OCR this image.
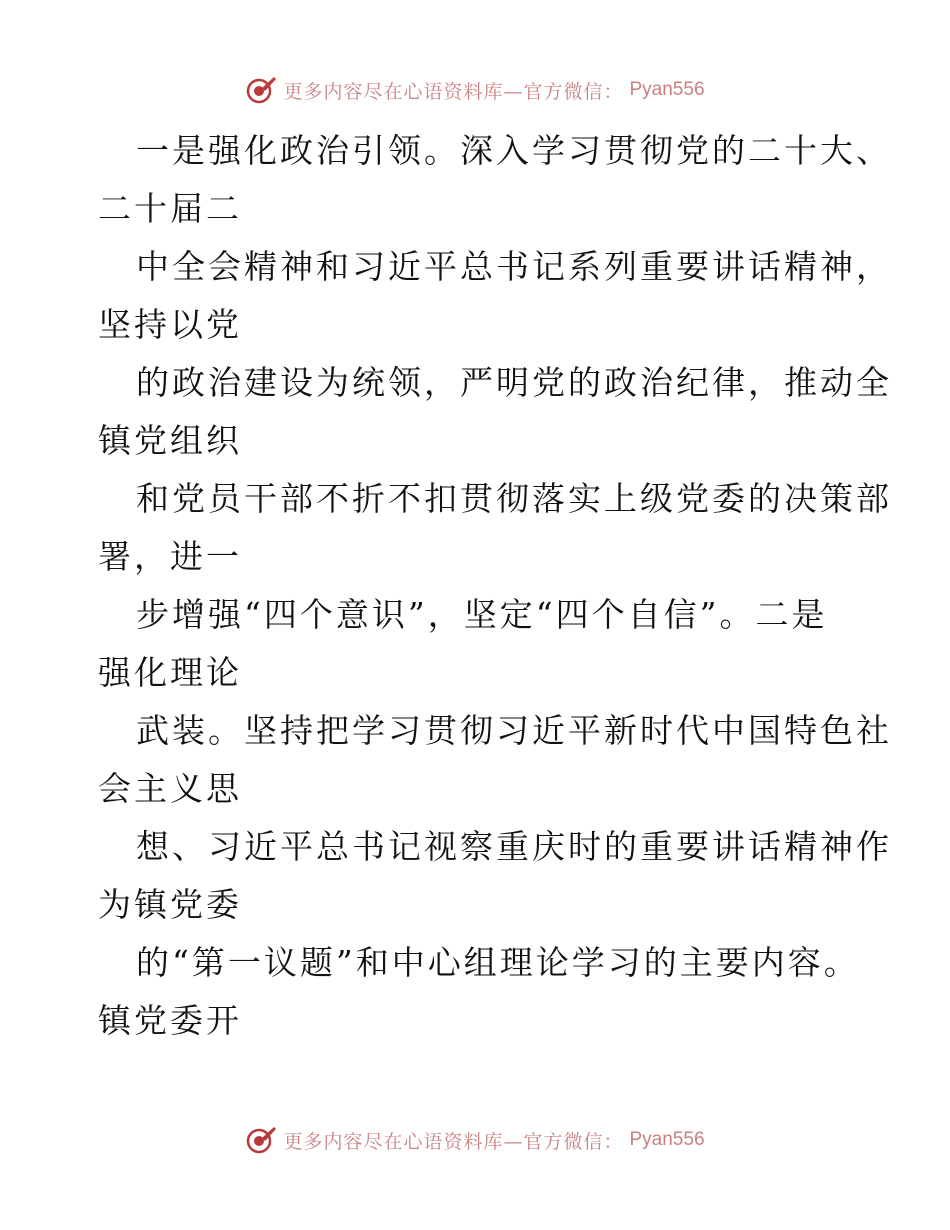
更多内容尽在心语资料库—官方微信： Pyan556
一是强化政治引领。深入学习贯彻党的二十大、
二十届二
中全会精神和习近平总书记系列重要讲话精神，
坚持以党
的政治建设为统领，严明党的政治纪律，推动全
镇党组织
和党员干部不折不扣贯彻落实上级党委的决策部
署，进一
步增强“四个意识”，坚定“四个自信”。二是
强化理论
武装。坚持把学习贯彻习近平新时代中国特色社
会主义思
想、习近平总书记视察重庆时的重要讲话精神作
为镇党委
的“第一议题”和中心组理论学习的主要内容。
镇党委开
更多内容尽在心语资料库—官方微信： Pyan556
